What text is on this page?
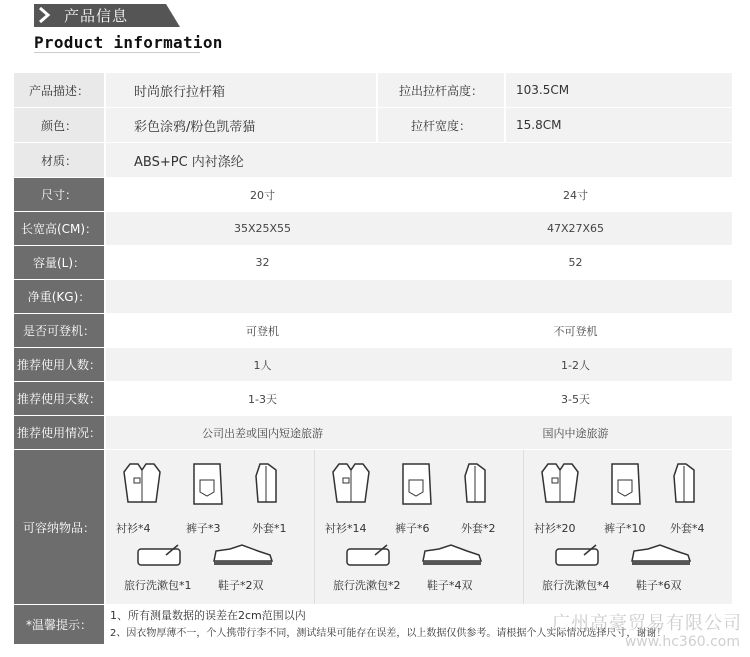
产品信息
Product information
产品描述：	时尚旅行拉杆箱	拉出拉杆高度：	103.5CM
颜色：	彩色涂鸦/粉色凯蒂猫	拉杆宽度：	15.8CM
材质：	ABS+PC 内衬涤纶
尺寸：	20寸	24寸
长宽高(CM)：	35X25X55	47X27X65
容量(L)：	32	52
净重(KG)：
是否可登机：	可登机	不可登机
推荐使用人数：	1人	1-2人
推荐使用天数：	1-3天	3-5天
推荐使用情况：	公司出差或国内短途旅游	国内中途旅游
可容纳物品：	衬衫*4	裤子*3	外套*1
旅行洗漱包*1 鞋子*2双
衬衫*14	裤子*6	外套*2
旅行洗漱包*2 鞋子*4双
衬衫*20	裤子*10 外套*4
旅行洗漱包*4 鞋子*6双
*温馨提示：
1、所有测量数据的误差在2cm范围以内
2、因衣物厚薄不一，个人携带行李不同，测试结果可能存在误差，以上数据仅供参考。请根据个人实际情况选择尺寸，谢谢！
广州高豪贸易有限公司
www.hc360.com
